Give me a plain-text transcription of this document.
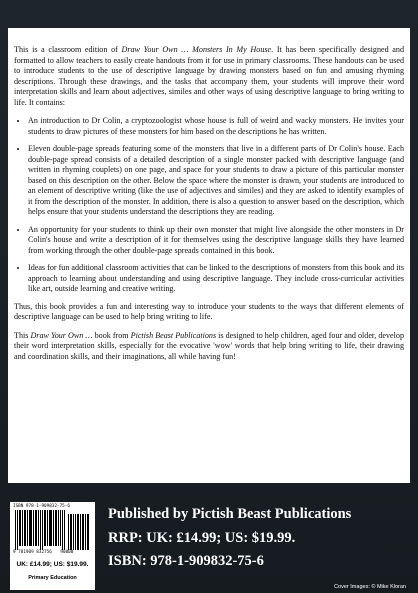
This is a classroom edition of Draw Your Own … Monsters In My House. It has been specifically designed and formatted to allow teachers to easily create handouts from it for use in primary classrooms. These handouts can be used to introduce students to the use of descriptive language by drawing monsters based on fun and amusing rhyming descriptions. Through these drawings, and the tasks that accompany them, your students will improve their word interpretation skills and learn about adjectives, similes and other ways of using descriptive language to bring writing to life. It contains:

• An introduction to Dr Colin, a cryptozoologist whose house is full of weird and wacky monsters. He invites your students to draw pictures of these monsters for him based on the descriptions he has written.
• Eleven double-page spreads featuring some of the monsters that live in a different parts of Dr Colin's house. Each double-page spread consists of a detailed description of a single monster packed with descriptive language (and written in rhyming couplets) on one page, and space for your students to draw a picture of this particular monster based on this description on the other. Below the space where the monster is drawn, your students are introduced to an element of descriptive writing (like the use of adjectives and similes) and they are asked to identify examples of it from the description of the monster. In addition, there is also a question to answer based on the description, which helps ensure that your students understand the descriptions they are reading.
• An opportunity for your students to think up their own monster that might live alongside the other monsters in Dr Colin's house and write a description of it for themselves using the descriptive language skills they have learned from working through the other double-page spreads contained in this book.
• Ideas for fun additional classroom activities that can be linked to the descriptions of monsters from this book and its approach to learning about understanding and using descriptive language. They include cross-curricular activities like art, outside learning and creative writing.

Thus, this book provides a fun and interesting way to introduce your students to the ways that different elements of descriptive language can be used to help bring writing to life.

This Draw Your Own … book from Pictish Beast Publications is designed to help children, aged four and older, develop their word interpretation skills, especially for the evocative 'wow' words that help bring writing to life, their drawing and coordination skills, and their imaginations, all while having fun!

ISBN 978-1-909832-75-6
9 781909 832756 90000
UK: £14.99; US: $19.99.
Primary Education
Published by Pictish Beast Publications
RRP: UK: £14.99; US: $19.99.
ISBN: 978-1-909832-75-6
Cover Images: © Mike Kloran
